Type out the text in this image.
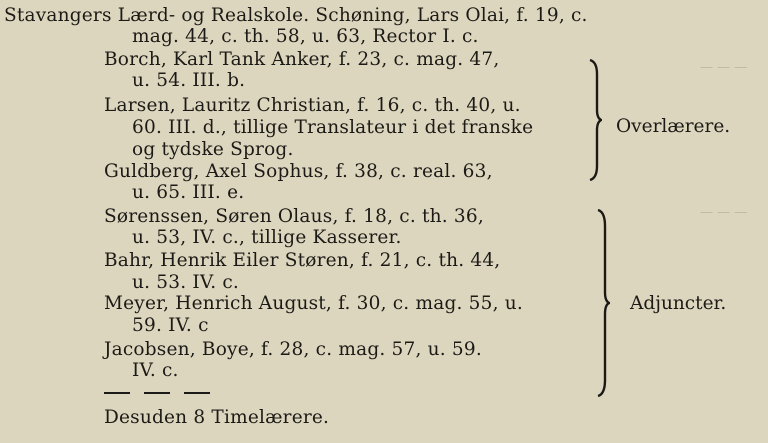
— — —
— — —
Stavangers Lærd- og Realskole. Schøning, Lars Olai, f. 19, c.
mag. 44, c. th. 58, u. 63, Rector I. c.
Borch, Karl Tank Anker, f. 23, c. mag. 47,
u. 54. III. b.
Larsen, Lauritz Christian, f. 16, c. th. 40, u.
60. III. d., tillige Translateur i det franske
og tydske Sprog.
Guldberg, Axel Sophus, f. 38, c. real. 63,
u. 65. III. e.
Sørenssen, Søren Olaus, f. 18, c. th. 36,
u. 53, IV. c., tillige Kasserer.
Bahr, Henrik Eiler Støren, f. 21, c. th. 44,
u. 53. IV. c.
Meyer, Henrich August, f. 30, c. mag. 55, u.
59. IV. c
Jacobsen, Boye, f. 28, c. mag. 57, u. 59.
IV. c.
Overlærere.
Adjuncter.
Desuden 8 Timelærere.
